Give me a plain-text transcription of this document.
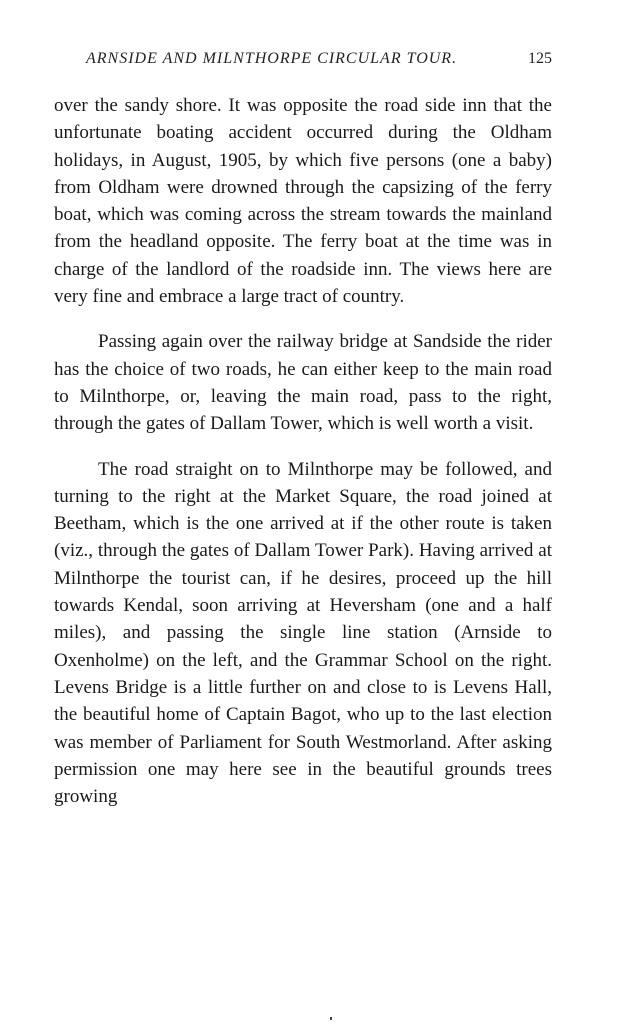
ARNSIDE AND MILNTHORPE CIRCULAR TOUR.	125

over the sandy shore. It was opposite the road side inn that the unfortunate boating accident occurred during the Oldham holidays, in August, 1905, by which five persons (one a baby) from Oldham were drowned through the capsizing of the ferry boat, which was coming across the stream towards the mainland from the headland opposite. The ferry boat at the time was in charge of the landlord of the roadside inn. The views here are very fine and embrace a large tract of country.

Passing again over the railway bridge at Sandside the rider has the choice of two roads, he can either keep to the main road to Milnthorpe, or, leaving the main road, pass to the right, through the gates of Dallam Tower, which is well worth a visit.

The road straight on to Milnthorpe may be followed, and turning to the right at the Market Square, the road joined at Beetham, which is the one arrived at if the other route is taken (viz., through the gates of Dallam Tower Park). Having arrived at Milnthorpe the tourist can, if he desires, proceed up the hill towards Kendal, soon arriving at Heversham (one and a half miles), and passing the single line station (Arnside to Oxenholme) on the left, and the Grammar School on the right. Levens Bridge is a little further on and close to is Levens Hall, the beautiful home of Captain Bagot, who up to the last election was member of Parliament for South Westmorland. After asking permission one may here see in the beautiful grounds trees growing
